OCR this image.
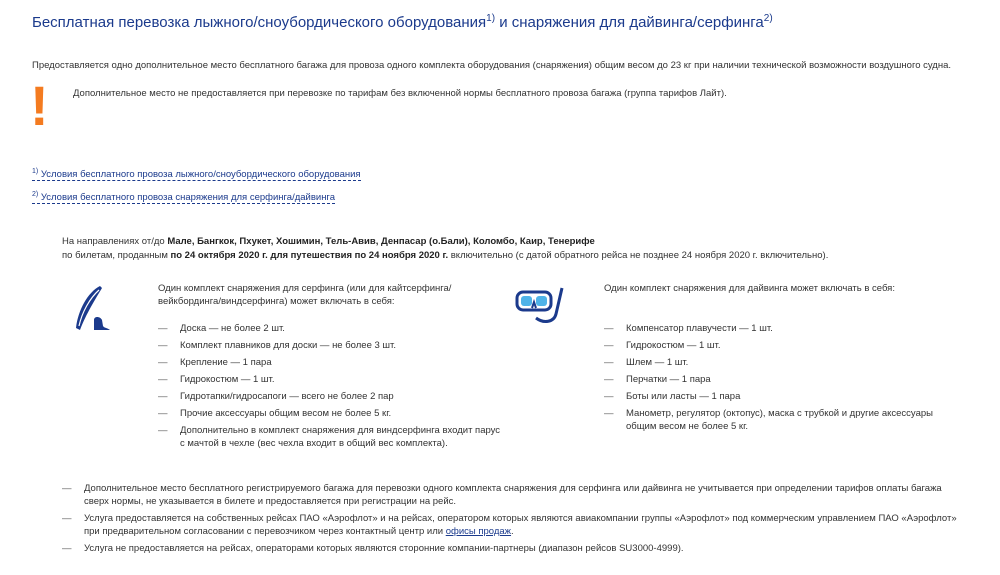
Бесплатная перевозка лыжного/сноубордического оборудования$^{1)}$ и снаряжения для дайвинга/серфинга$^{2)}$
Предоставляется одно дополнительное место бесплатного багажа для провоза одного комплекта оборудования (снаряжения) общим весом до 23 кг при наличии технической возможности воздушного судна.
!	Дополнительное место не предоставляется при перевозке по тарифам без включенной нормы бесплатного провоза багажа (группа тарифов Лайт).
$^{1)}$ Условия бесплатного провоза лыжного/сноубордического оборудования
$^{2)}$ Условия бесплатного провоза снаряжения для серфинга/дайвинга
На направлениях от/до Мале, Бангкок, Пхукет, Хошимин, Тель-Авив, Денпасар (о.Бали), Коломбо, Каир, Тенерифе
по билетам, проданным по 24 октября 2020 г. для путешествия по 24 ноября 2020 г. включительно (с датой обратного рейса не позднее 24 ноября 2020 г. включительно).
Один комплект снаряжения для серфинга (или для кайтсерфинга/вейкбординга/виндсерфинга) может включать в себя:
— Доска — не более 2 шт.
— Комплект плавников для доски — не более 3 шт.
— Крепление — 1 пара
— Гидрокостюм — 1 шт.
— Гидротапки/гидросапоги — всего не более 2 пар
— Прочие аксессуары общим весом не более 5 кг.
— Дополнительно в комплект снаряжения для виндсерфинга входит парус с мачтой в чехле (вес чехла входит в общий вес комплекта).
Один комплект снаряжения для дайвинга может включать в себя:
— Компенсатор плавучести — 1 шт.
— Гидрокостюм — 1 шт.
— Шлем — 1 шт.
— Перчатки — 1 пара
— Боты или ласты — 1 пара
— Манометр, регулятор (октопус), маска с трубкой и другие аксессуары общим весом не более 5 кг.
— Дополнительное место бесплатного регистрируемого багажа для перевозки одного комплекта снаряжения для серфинга или дайвинга не учитывается при определении тарифов оплаты багажа сверх нормы, не указывается в билете и предоставляется при регистрации на рейс.
— Услуга предоставляется на собственных рейсах ПАО «Аэрофлот» и на рейсах, оператором которых являются авиакомпании группы «Аэрофлот» под коммерческим управлением ПАО «Аэрофлот» при предварительном согласовании с перевозчиком через контактный центр или офисы продаж.
— Услуга не предоставляется на рейсах, операторами которых являются сторонние компании-партнеры (диапазон рейсов SU3000-4999).
